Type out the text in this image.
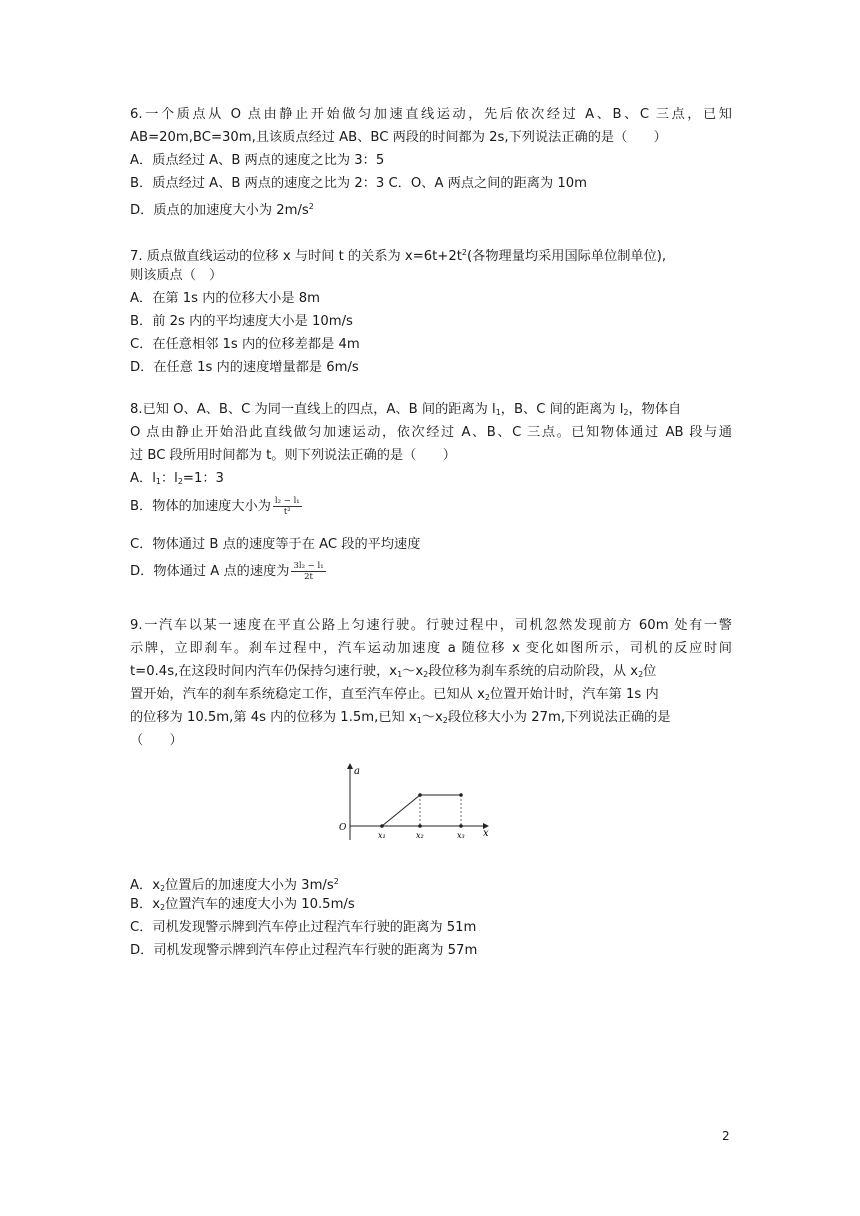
6.一个质点从 O 点由静止开始做匀加速直线运动，先后依次经过 A、B、C 三点，已知
AB=20m,BC=30m,且该质点经过 AB、BC 两段的时间都为 2s,下列说法正确的是（　　）
A．质点经过 A、B 两点的速度之比为 3：5
B．质点经过 A、B 两点的速度之比为 2：3 C．O、A 两点之间的距离为 10m
D．质点的加速度大小为 $2m/s^2$
7. 质点做直线运动的位移 x 与时间 t 的关系为 $x=6t+2t^2$(各物理量均采用国际单位制单位),
则该质点（　）
A．在第 1s 内的位移大小是 8m
B．前 2s 内的平均速度大小是 10m/s
C．在任意相邻 1s 内的位移差都是 4m
D．在任意 1s 内的速度增量都是 6m/s
8.已知 O、A、B、C 为同一直线上的四点，A、B 间的距离为 $l_1$，B、C 间的距离为 $l_2$，物体自
O 点由静止开始沿此直线做匀加速运动，依次经过 A、B、C 三点。已知物体通过 AB 段与通
过 BC 段所用时间都为 t。则下列说法正确的是（　　）
A．$l_1$：$l_2=1$：3
B．物体的加速度大小为 $\frac{\text{l₂ − l₁}}{\text{t²}}$
C．物体通过 B 点的速度等于在 AC 段的平均速度
D．物体通过 A 点的速度为 $\frac{\text{3l₂ − l₁}}{2t}$
9.一汽车以某一速度在平直公路上匀速行驶。行驶过程中，司机忽然发现前方 60m 处有一警
示牌，立即刹车。刹车过程中，汽车运动加速度 a 随位移 x 变化如图所示，司机的反应时间
t=0.4s,在这段时间内汽车仍保持匀速行驶，$x_1\sim x_2$段位移为刹车系统的启动阶段，从 $x_2$位
置开始，汽车的刹车系统稳定工作，直至汽车停止。已知从 $x_2$位置开始计时，汽车第 1s 内
的位移为 10.5m,第 4s 内的位移为 1.5m,已知 $x_1\sim x_2$段位移大小为 27m,下列说法正确的是
（　　）
a
x
O
x₁	x₂	x₃
A．$x_2$位置后的加速度大小为 $3m/s^2$
B．$x_2$位置汽车的速度大小为 10.5m/s
C．司机发现警示牌到汽车停止过程汽车行驶的距离为 51m
D．司机发现警示牌到汽车停止过程汽车行驶的距离为 57m
2
